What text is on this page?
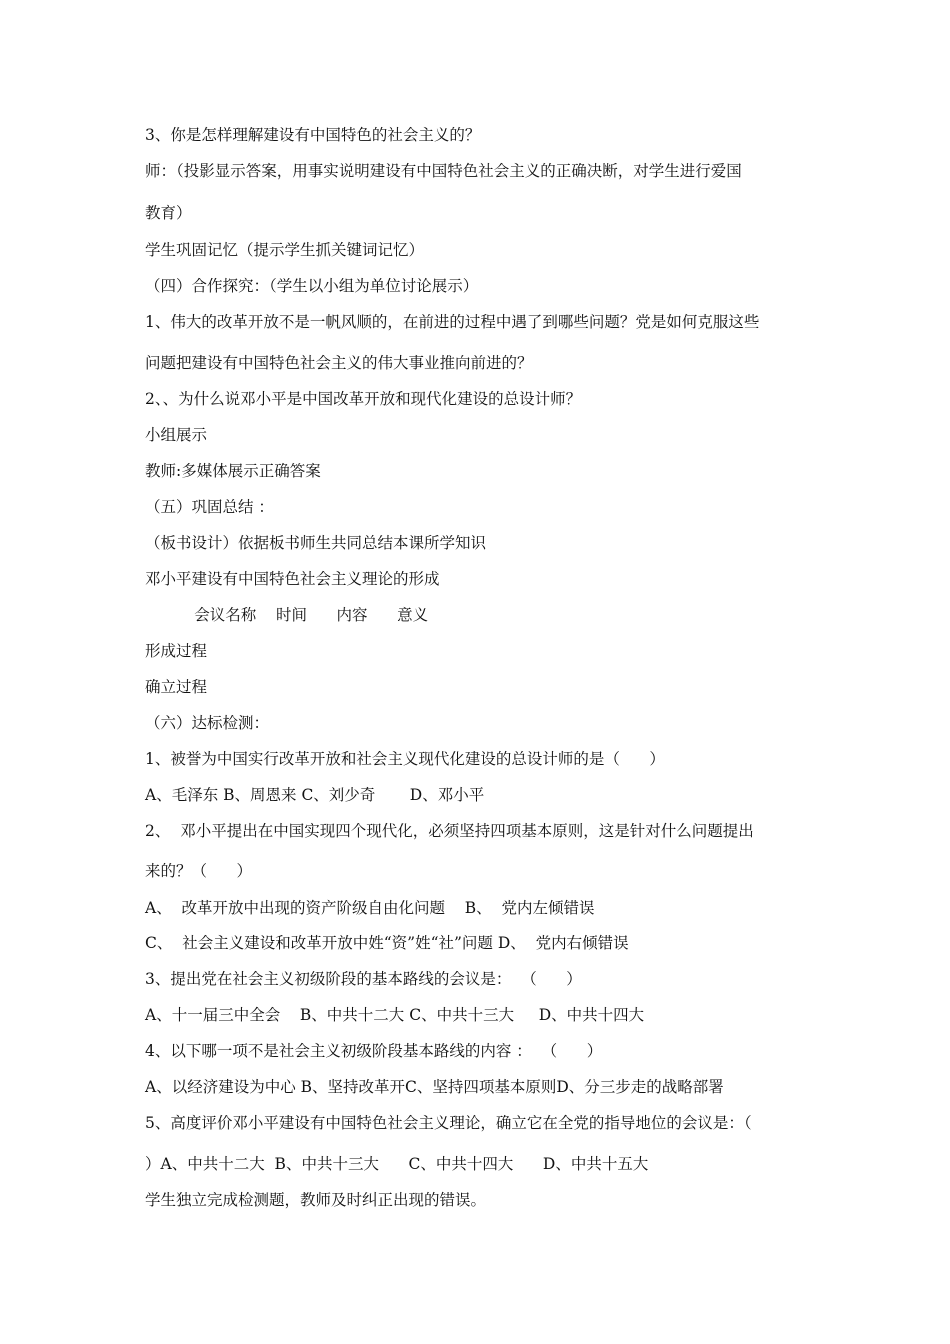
3、你是怎样理解建设有中国特色的社会主义的？
师：（投影显示答案，用事实说明建设有中国特色社会主义的正确决断，对学生进行爱国
教育）
学生巩固记忆（提示学生抓关键词记忆）
（四）合作探究：（学生以小组为单位讨论展示）
1、伟大的改革开放不是一帆风顺的，在前进的过程中遇了到哪些问题？党是如何克服这些
问题把建设有中国特色社会主义的伟大事业推向前进的？
2、、为什么说邓小平是中国改革开放和现代化建设的总设计师？
小组展示
教师:多媒体展示正确答案
（五）巩固总结 ：
（板书设计）依据板书师生共同总结本课所学知识
邓小平建设有中国特色社会主义理论的形成
会议名称    时间      内容      意义
形成过程
确立过程
（六）达标检测：
1、被誉为中国实行改革开放和社会主义现代化建设的总设计师的是（      ）
A、毛泽东 B、周恩来 C、刘少奇       D、邓小平
2、  邓小平提出在中国实现四个现代化，必须坚持四项基本原则，这是针对什么问题提出
来的？（      ）
A、  改革开放中出现的资产阶级自由化问题    B、  党内左倾错误
C、  社会主义建设和改革开放中姓“资”姓“社”问题 D、  党内右倾错误
3、提出党在社会主义初级阶段的基本路线的会议是：  （      ）
A、十一届三中全会    B、中共十二大 C、中共十三大     D、中共十四大
4、以下哪一项不是社会主义初级阶段基本路线的内容 ：  （      ）
A、以经济建设为中心 B、坚持改革开C、坚持四项基本原则D、分三步走的战略部署
5、高度评价邓小平建设有中国特色社会主义理论，确立它在全党的指导地位的会议是：（
）A、中共十二大  B、中共十三大      C、中共十四大      D、中共十五大
学生独立完成检测题，教师及时纠正出现的错误。
